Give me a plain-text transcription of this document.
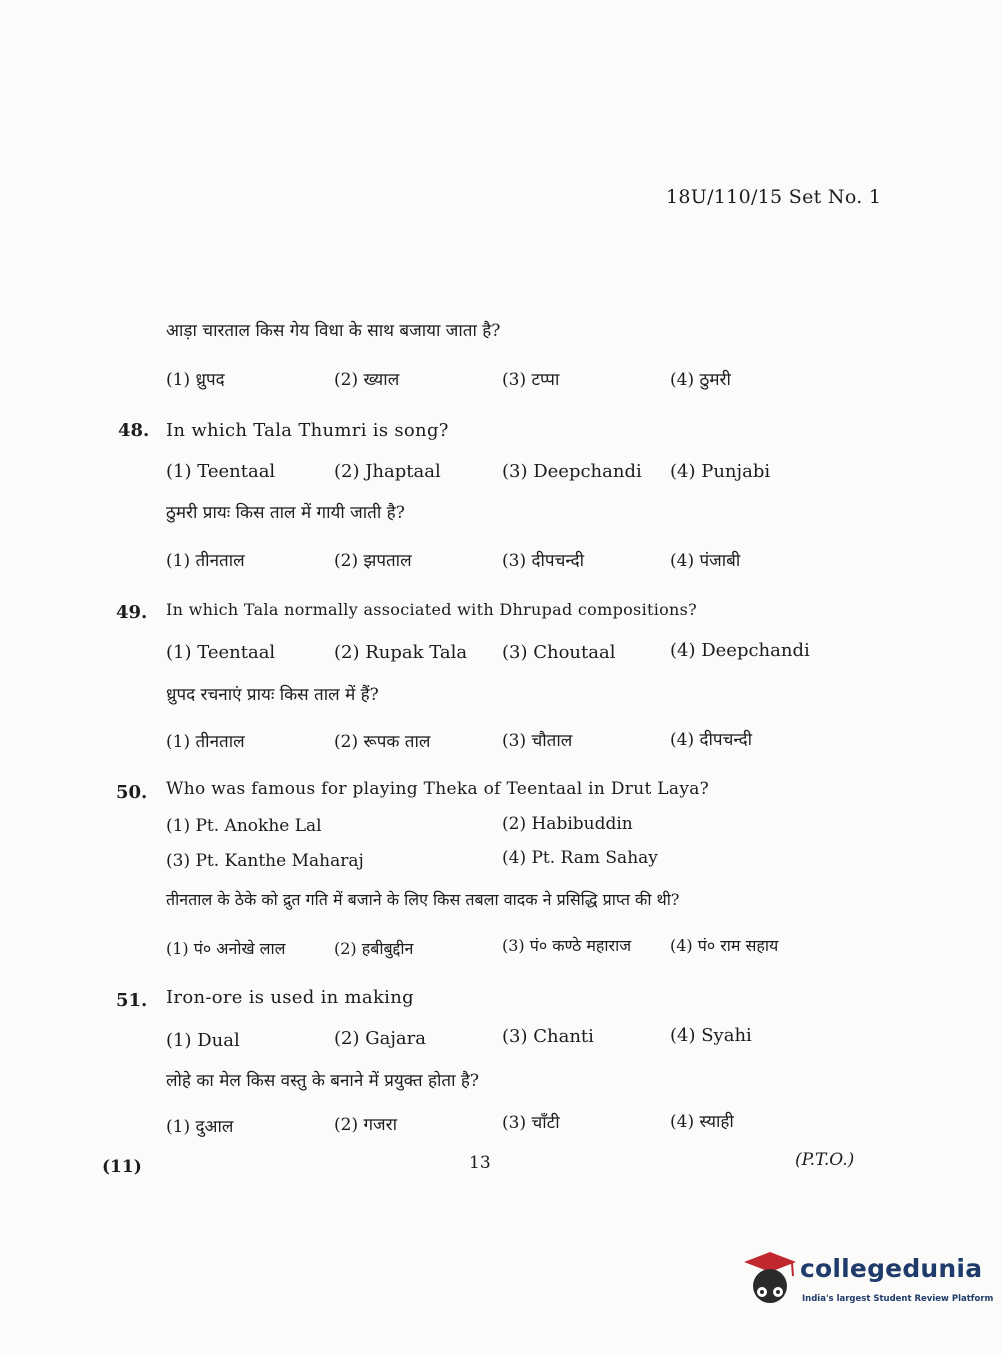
18U/110/15 Set No. 1
आड़ा चारताल किस गेय विधा के साथ बजाया जाता है?
(1) ध्रुपद	(2) ख्याल	(3) टप्पा	(4) ठुमरी
48. In which Tala Thumri is song?
(1) Teentaal	(2) Jhaptaal	(3) Deepchandi (4) Punjabi
ठुमरी प्रायः किस ताल में गायी जाती है?
(1) तीनताल	(2) झपताल	(3) दीपचन्दी	(4) पंजाबी
49. In which Tala normally associated with Dhrupad compositions?
(1) Teentaal	(2) Rupak Tala (3) Choutaal	(4) Deepchandi
ध्रुपद रचनाएं प्रायः किस ताल में हैं?
(1) तीनताल	(2) रूपक ताल	(3) चौताल	(4) दीपचन्दी
50. Who was famous for playing Theka of Teentaal in Drut Laya?
(1) Pt. Anokhe Lal	(2) Habibuddin
(3) Pt. Kanthe Maharaj	(4) Pt. Ram Sahay
तीनताल के ठेके को द्रुत गति में बजाने के लिए किस तबला वादक ने प्रसिद्धि प्राप्त की थी?
(1) पं० अनोखे लाल	(2) हबीबुद्दीन	(3) पं० कण्ठे महाराज (4) पं० राम सहाय
51. Iron-ore is used in making
(1) Dual	(2) Gajara	(3) Chanti	(4) Syahi
लोहे का मेल किस वस्तु के बनाने में प्रयुक्त होता है?
(1) दुआल	(2) गजरा	(3) चाँटी	(4) स्याही
(11)	13	(P.T.O.)
collegedunia
India's largest Student Review Platform
